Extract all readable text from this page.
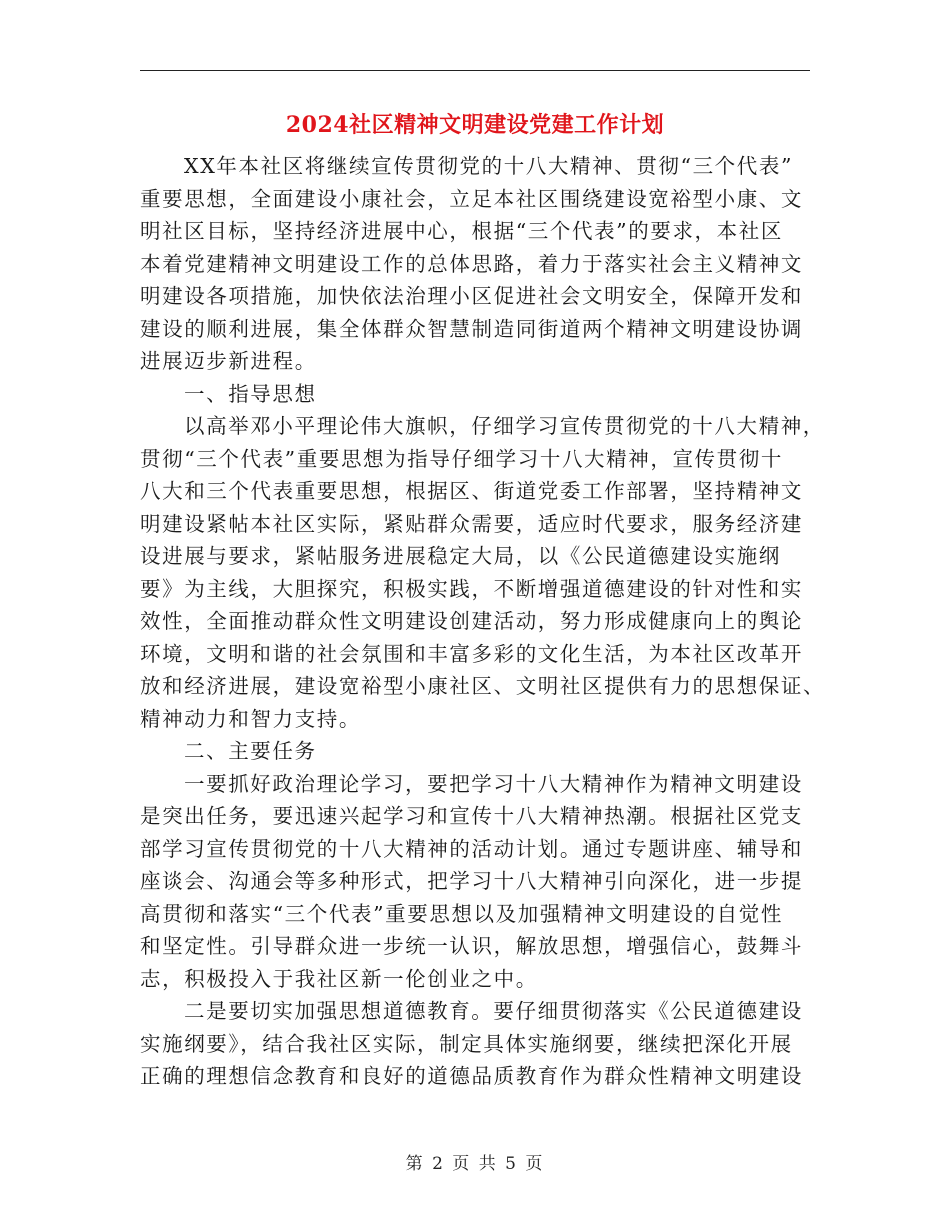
2024社区精神文明建设党建工作计划
XX年本社区将继续宣传贯彻党的十八大精神、贯彻“三个代表”
重要思想，全面建设小康社会，立足本社区围绕建设宽裕型小康、文
明社区目标，坚持经济进展中心，根据“三个代表”的要求，本社区
本着党建精神文明建设工作的总体思路，着力于落实社会主义精神文
明建设各项措施，加快依法治理小区促进社会文明安全，保障开发和
建设的顺利进展，集全体群众智慧制造同街道两个精神文明建设协调
进展迈步新进程。
一、指导思想
以高举邓小平理论伟大旗帜，仔细学习宣传贯彻党的十八大精神，
贯彻“三个代表”重要思想为指导仔细学习十八大精神，宣传贯彻十
八大和三个代表重要思想，根据区、街道党委工作部署，坚持精神文
明建设紧帖本社区实际，紧贴群众需要，适应时代要求，服务经济建
设进展与要求，紧帖服务进展稳定大局，以《公民道德建设实施纲
要》为主线，大胆探究，积极实践，不断增强道德建设的针对性和实
效性，全面推动群众性文明建设创建活动，努力形成健康向上的舆论
环境，文明和谐的社会氛围和丰富多彩的文化生活，为本社区改革开
放和经济进展，建设宽裕型小康社区、文明社区提供有力的思想保证、
精神动力和智力支持。
二、主要任务
一要抓好政治理论学习，要把学习十八大精神作为精神文明建设
是突出任务，要迅速兴起学习和宣传十八大精神热潮。根据社区党支
部学习宣传贯彻党的十八大精神的活动计划。通过专题讲座、辅导和
座谈会、沟通会等多种形式，把学习十八大精神引向深化，进一步提
高贯彻和落实“三个代表”重要思想以及加强精神文明建设的自觉性
和坚定性。引导群众进一步统一认识，解放思想，增强信心，鼓舞斗
志，积极投入于我社区新一伦创业之中。
二是要切实加强思想道德教育。要仔细贯彻落实《公民道德建设
实施纲要》，结合我社区实际，制定具体实施纲要，继续把深化开展
正确的理想信念教育和良好的道德品质教育作为群众性精神文明建设
第 2 页 共 5 页
